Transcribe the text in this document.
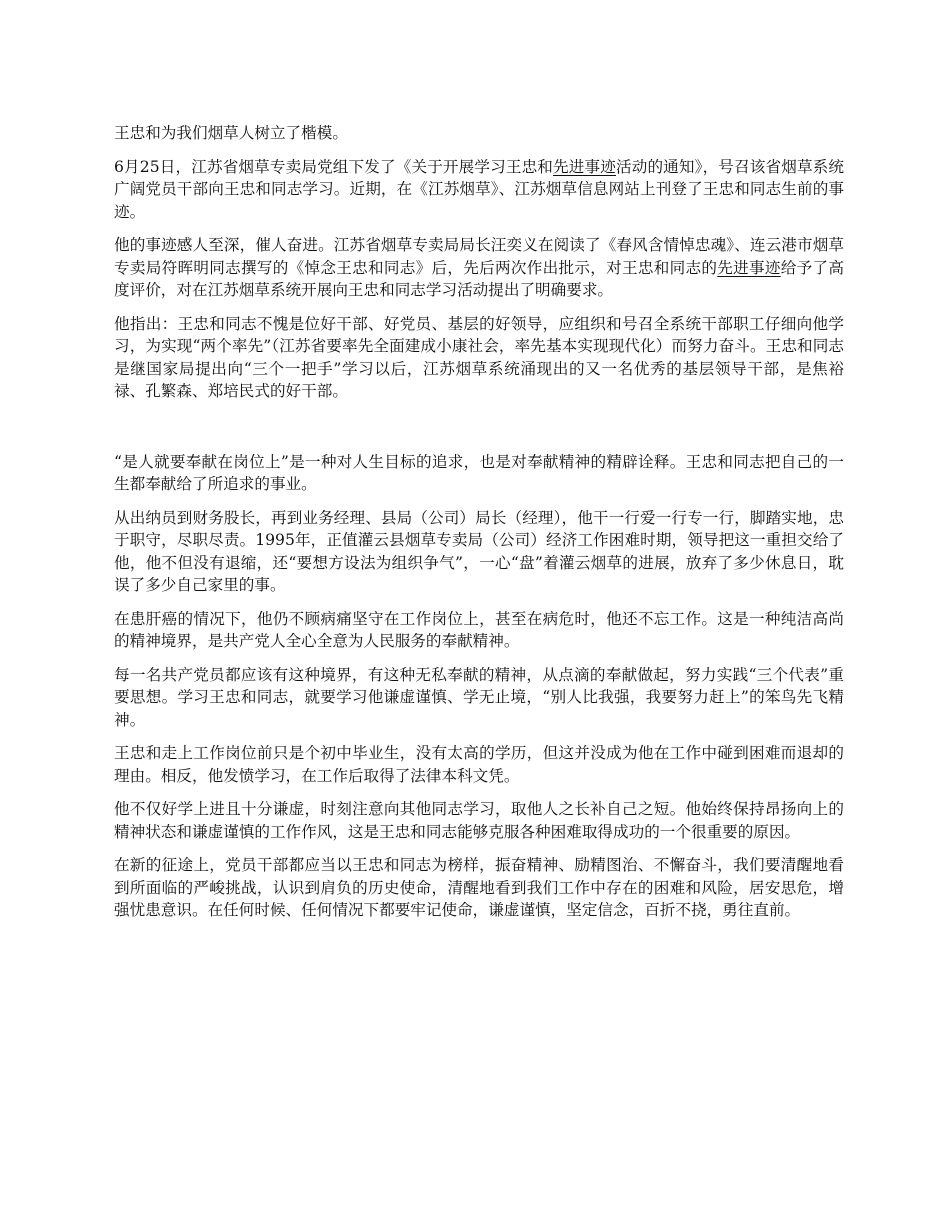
王忠和为我们烟草人树立了楷模。

6月25日，江苏省烟草专卖局党组下发了《关于开展学习王忠和先进事迹活动的通知》，号召该省烟草系统广阔党员干部向王忠和同志学习。近期，在《江苏烟草》、江苏烟草信息网站上刊登了王忠和同志生前的事迹。

他的事迹感人至深，催人奋进。江苏省烟草专卖局局长汪奕义在阅读了《春风含情悼忠魂》、连云港市烟草专卖局符晖明同志撰写的《悼念王忠和同志》后，先后两次作出批示，对王忠和同志的先进事迹给予了高度评价，对在江苏烟草系统开展向王忠和同志学习活动提出了明确要求。

他指出：王忠和同志不愧是位好干部、好党员、基层的好领导，应组织和号召全系统干部职工仔细向他学习，为实现“两个率先”（江苏省要率先全面建成小康社会，率先基本实现现代化）而努力奋斗。王忠和同志是继国家局提出向“三个一把手”学习以后，江苏烟草系统涌现出的又一名优秀的基层领导干部，是焦裕禄、孔繁森、郑培民式的好干部。

“是人就要奉献在岗位上”是一种对人生目标的追求，也是对奉献精神的精辟诠释。王忠和同志把自己的一生都奉献给了所追求的事业。

从出纳员到财务股长，再到业务经理、县局（公司）局长（经理），他干一行爱一行专一行，脚踏实地，忠于职守，尽职尽责。1995年，正值灌云县烟草专卖局（公司）经济工作困难时期，领导把这一重担交给了他，他不但没有退缩，还“要想方设法为组织争气”，一心“盘”着灌云烟草的进展，放弃了多少休息日，耽误了多少自己家里的事。

在患肝癌的情况下，他仍不顾病痛坚守在工作岗位上，甚至在病危时，他还不忘工作。这是一种纯洁高尚的精神境界，是共产党人全心全意为人民服务的奉献精神。

每一名共产党员都应该有这种境界，有这种无私奉献的精神，从点滴的奉献做起，努力实践“三个代表”重要思想。学习王忠和同志，就要学习他谦虚谨慎、学无止境，“别人比我强，我要努力赶上”的笨鸟先飞精神。

王忠和走上工作岗位前只是个初中毕业生，没有太高的学历，但这并没成为他在工作中碰到困难而退却的理由。相反，他发愤学习，在工作后取得了法律本科文凭。

他不仅好学上进且十分谦虚，时刻注意向其他同志学习，取他人之长补自己之短。他始终保持昂扬向上的精神状态和谦虚谨慎的工作作风，这是王忠和同志能够克服各种困难取得成功的一个很重要的原因。

在新的征途上，党员干部都应当以王忠和同志为榜样，振奋精神、励精图治、不懈奋斗，我们要清醒地看到所面临的严峻挑战，认识到肩负的历史使命，清醒地看到我们工作中存在的困难和风险，居安思危，增强忧患意识。在任何时候、任何情况下都要牢记使命，谦虚谨慎，坚定信念，百折不挠，勇往直前。
